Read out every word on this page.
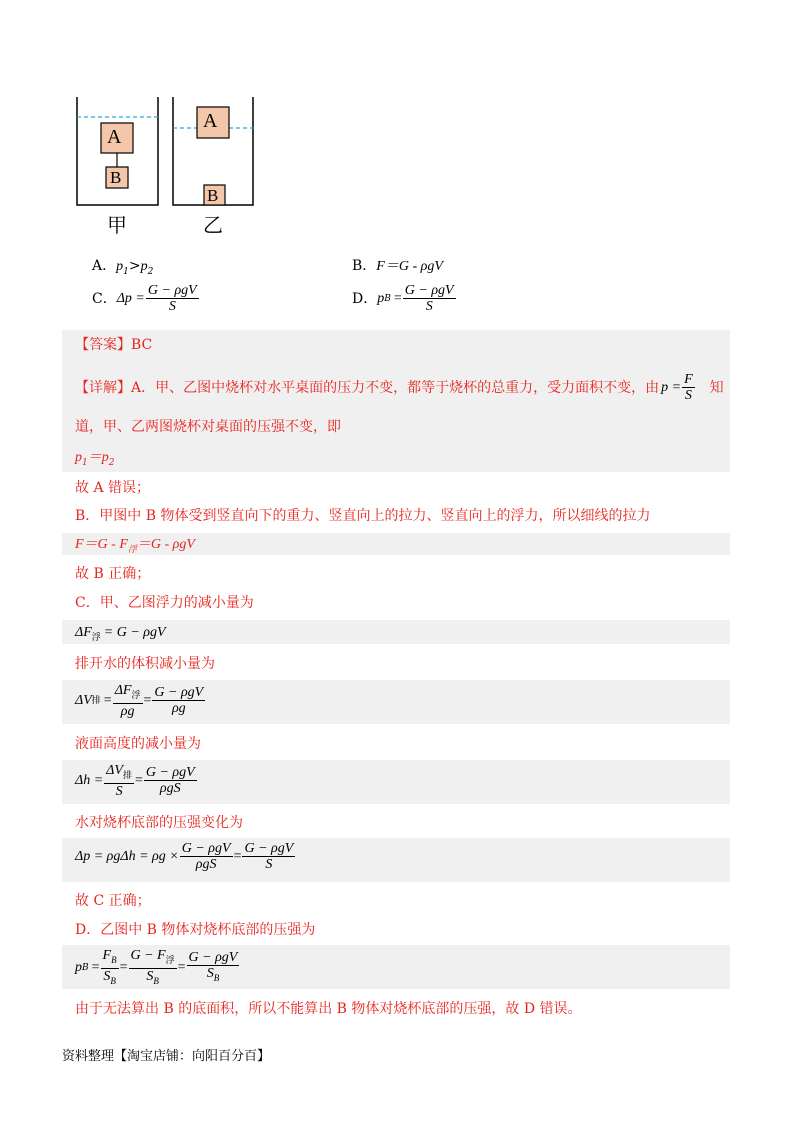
A
B
A
B
甲	乙
A．$p_1>p_2$	B．F＝G - ρgV
C． $\Delta p = \frac{\text{G − ρgV}}{S}$	D． p $B = \frac{\text{G − ρgV}}{S}$
【答案】BC
【详解】 A．甲、乙图中烧杯对水平桌面的压力不变，都等于烧杯的总重力，受力面积不变，由 $p = \frac{F}{S}$ 知
道，甲、乙两图烧杯对桌面的压强不变，即
$p_1=p_2$
故 A 错误；
B．甲图中 B 物体受到竖直向下的重力、竖直向上的拉力、竖直向上的浮力，所以细线的拉力
$F=G - F_浮=G - \rho gV$
故 B 正确；
C．甲、乙图浮力的减小量为
$\Delta F_浮 = G - \rho gV$
排开水的体积减小量为
ΔV 排 = $\frac{\Delta F_浮}{\rho g} = \frac{\text{G − ρgV}}{\rho g}$
液面高度的减小量为
$\Delta h = \frac{\Delta V_排}{S} = \frac{\text{G − ρgV}}{\text{ρgS}}$
水对烧杯底部的压强变化为
$\Delta p = \rho g\Delta h = \rho g \times \frac{\text{G − ρgV}}{\text{ρgS}} = \frac{\text{G − ρgV}}{S}$
故 C 正确；
D．乙图中 B 物体对烧杯底部的压强为
p $B = \frac{F_B}{S_B} = \frac{G - F_浮}{S_B} = \frac{\text{G − ρgV}}{S_B}$
由于无法算出 B 的底面积，所以不能算出 B 物体对烧杯底部的压强，故 D 错误。
资料整理【淘宝店铺：向阳百分百】
